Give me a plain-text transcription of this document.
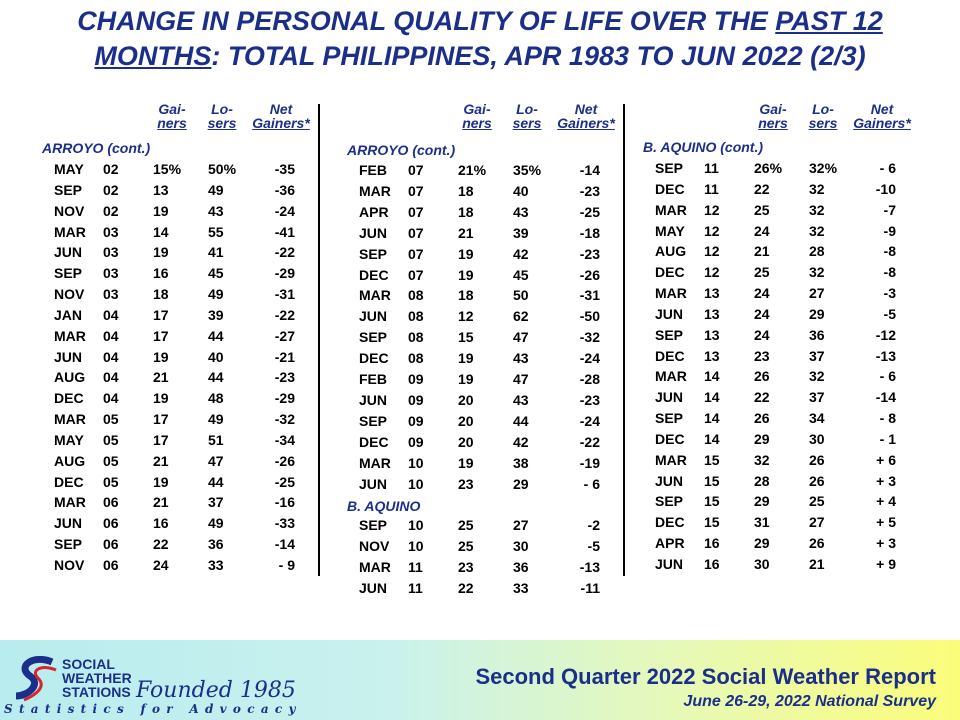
CHANGE IN PERSONAL QUALITY OF LIFE OVER THE PAST 12
MONTHS: TOTAL PHILIPPINES, APR 1983 TO JUN 2022 (2/3)
Gai-
ners
Lo-
sers
Net
Gainers*
ARROYO (cont.)
MAY 02 15% 50%	-35
SEP 02 13	49	-36
NOV 02 19	43	-24
MAR 03 14	55	-41
JUN 03 19	41	-22
SEP 03 16	45	-29
NOV 03 18	49	-31
JAN 04 17	39	-22
MAR 04 17	44	-27
JUN 04 19	40	-21
AUG 04 21	44	-23
DEC 04 19	48	-29
MAR 05 17	49	-32
MAY 05 17	51	-34
AUG 05 21	47	-26
DEC 05 19	44	-25
MAR 06 21	37	-16
JUN 06 16	49	-33
SEP 06 22	36	-14
NOV 06 24	33	- 9
Gai-
ners
Lo-
sers
Net
Gainers*
ARROYO (cont.)
FEB 07 21% 35%	-14
MAR 07 18	40	-23
APR 07 18	43	-25
JUN 07 21	39	-18
SEP 07 19	42	-23
DEC 07 19	45	-26
MAR 08 18	50	-31
JUN 08 12	62	-50
SEP 08 15	47	-32
DEC 08 19	43	-24
FEB 09 19	47	-28
JUN 09 20	43	-23
SEP 09 20	44	-24
DEC 09 20	42	-22
MAR 10 19	38	-19
JUN 10 23	29	- 6
B. AQUINO
SEP 10 25	27	-2
NOV 10 25	30	-5
MAR 11	23	36	-13
JUN 11	22	33	-11
Gai-
ners
Lo-
sers
Net
Gainers*
B. AQUINO (cont.)
SEP 11	26% 32%	- 6
DEC 11	22	32	-10
MAR 12 25	32	-7
MAY 12 24	32	-9
AUG 12 21	28	-8
DEC 12 25	32	-8
MAR 13 24	27	-3
JUN 13 24	29	-5
SEP 13 24	36	-12
DEC 13 23	37	-13
MAR 14 26	32	- 6
JUN 14 22	37	-14
SEP 14 26	34	- 8
DEC 14 29	30	- 1
MAR 15 32	26	+ 6
JUN 15 28	26	+ 3
SEP 15 29	25	+ 4
DEC 15 31	27	+ 5
APR 16 29	26	+ 3
JUN 16 30	21	+ 9
SOCIAL
WEATHER
STATIONS Founded 1985
Statistics for Advocacy
Second Quarter 2022 Social Weather Report
June 26-29, 2022 National Survey
